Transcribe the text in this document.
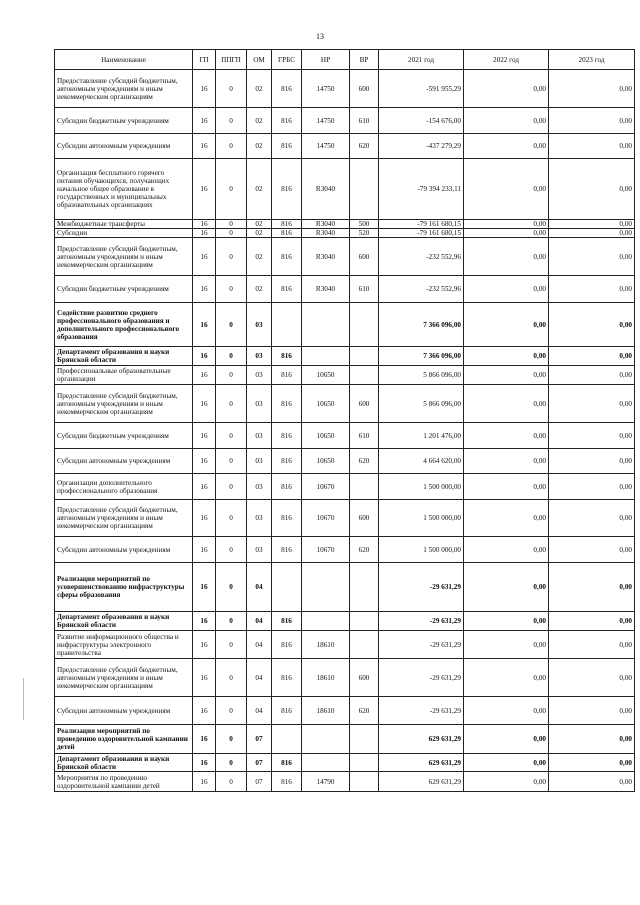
13
Наименование	ГП	ППГП	ОМ	ГРБС	НР	ВР	2021 год	2022 год	2023 год
Предоставление субсидий бюджетным, автономным учреждениям и иным некоммерческим организациям	16	0	02	816	14750	600	-591 955,29	0,00	0,00
Субсидии бюджетным учреждениям	16	0	02	816	14750	610	-154 676,00	0,00	0,00
Субсидии автономным учреждениям	16	0	02	816	14750	620	-437 279,29	0,00	0,00
Организация бесплатного горячего питания обучающихся, получающих начальное общее образование в государственных и муниципальных образовательных организациях	16	0	02	816	R3040		-79 394 233,11	0,00	0,00
Межбюджетные трансферты	16	0	02	816	R3040	500	-79 161 680,15	0,00	0,00
Субсидии	16	0	02	816	R3040	520	-79 161 680,15	0,00	0,00
Предоставление субсидий бюджетным, автономным учреждениям и иным некоммерческим организациям	16	0	02	816	R3040	600	-232 552,96	0,00	0,00
Субсидии бюджетным учреждениям	16	0	02	816	R3040	610	-232 552,96	0,00	0,00
Содействие развитию среднего профессионального образования и дополнительного профессионального образования	16	0	03				7 366 096,00	0,00	0,00
Департамент образования и науки Брянской области	16	0	03	816			7 366 096,00	0,00	0,00
Профессиональные образовательные организации	16	0	03	816	10650		5 866 096,00	0,00	0,00
Предоставление субсидий бюджетным, автономным учреждениям и иным некоммерческим организациям	16	0	03	816	10650	600	5 866 096,00	0,00	0,00
Субсидии бюджетным учреждениям	16	0	03	816	10650	610	1 201 476,00	0,00	0,00
Субсидии автономным учреждениям	16	0	03	816	10650	620	4 664 620,00	0,00	0,00
Организации дополнительного профессионального образования	16	0	03	816	10670		1 500 000,00	0,00	0,00
Предоставление субсидий бюджетным, автономным учреждениям и иным некоммерческим организациям	16	0	03	816	10670	600	1 500 000,00	0,00	0,00
Субсидии автономным учреждениям	16	0	03	816	10670	620	1 500 000,00	0,00	0,00
Реализация мероприятий по усовершенствованию инфраструктуры сферы образования	16	0	04				-29 631,29	0,00	0,00
Департамент образования и науки Брянской области	16	0	04	816			-29 631,29	0,00	0,00
Развитие информационного общества и инфраструктуры электронного правительства	16	0	04	816	18610		-29 631,29	0,00	0,00
Предоставление субсидий бюджетным, автономным учреждениям и иным некоммерческим организациям	16	0	04	816	18610	600	-29 631,29	0,00	0,00
Субсидии автономным учреждениям	16	0	04	816	18610	620	-29 631,29	0,00	0,00
Реализация мероприятий по проведению оздоровительной кампании детей	16	0	07				629 631,29	0,00	0,00
Департамент образования и науки Брянской области	16	0	07	816			629 631,29	0,00	0,00
Мероприятия по проведению оздоровительной кампании детей	16	0	07	816	14790		629 631,29	0,00	0,00
